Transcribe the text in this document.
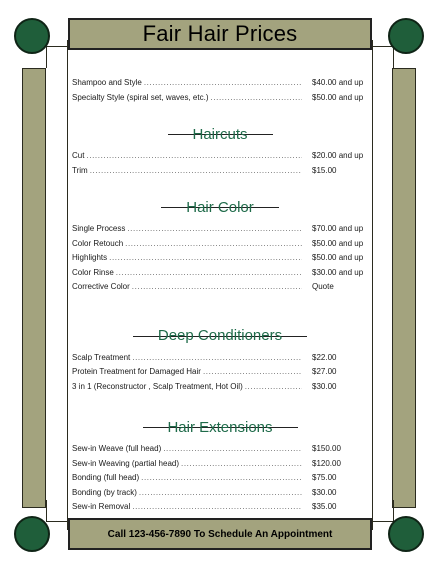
Fair Hair Prices
Shampoo and Style .....	$40.00 and up
Specialty Style (spiral set, waves, etc.) .....	$50.00 and up
Haircuts
Cut .....	$20.00 and up
Trim .....	$15.00
Hair Color
Single Process .....	$70.00 and up
Color Retouch .....	$50.00 and up
Highlights .....	$50.00 and up
Color Rinse .....	$30.00 and up
Corrective Color .....	Quote
Deep Conditioners
Scalp Treatment .....	$22.00
Protein Treatment for Damaged Hair .....	$27.00
3 in 1 (Reconstructor , Scalp Treatment, Hot Oil) .....	$30.00
Hair Extensions
Sew-in Weave (full head) .....	$150.00
Sew-in Weaving (partial head) .....	$120.00
Bonding (full head) .....	$75.00
Bonding (by track) .....	$30.00
Sew-in Removal .....	$35.00
.....
Call 123-456-7890 To Schedule An Appointment
